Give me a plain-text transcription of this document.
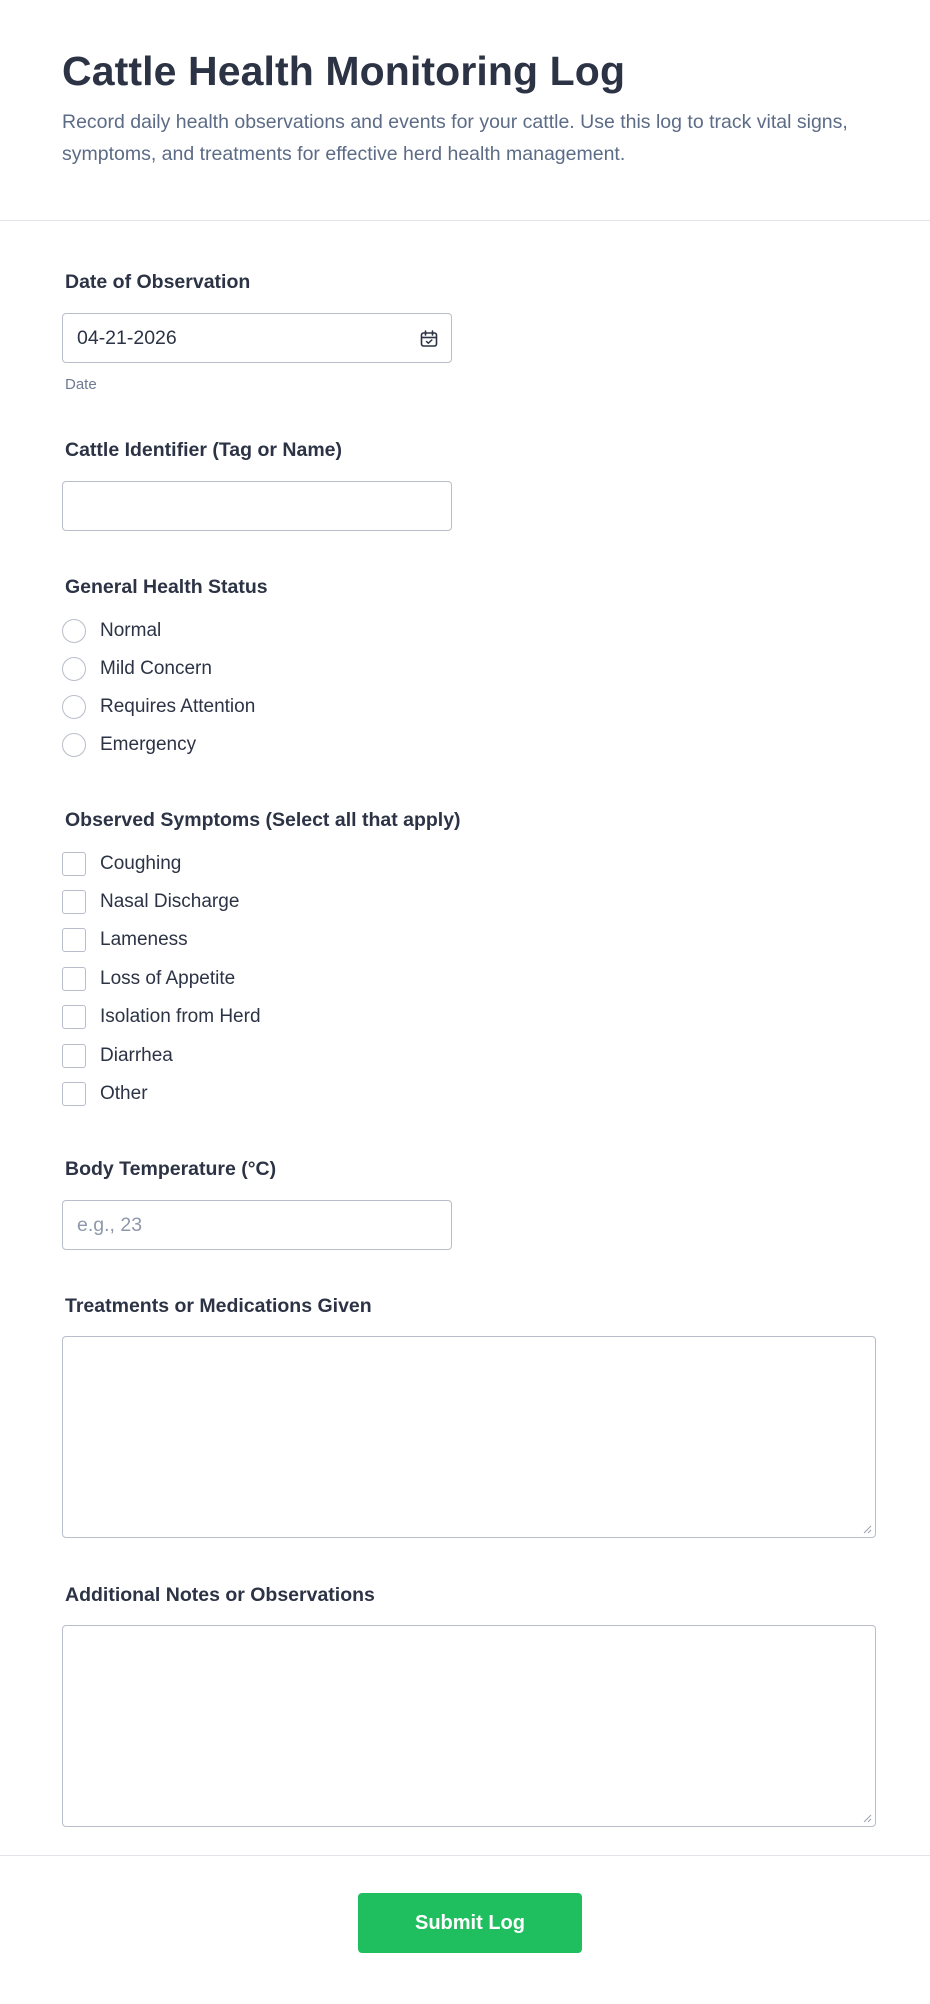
Cattle Health Monitoring Log
Record daily health observations and events for your cattle. Use this log to track vital signs, symptoms, and treatments for effective herd health management.
Date of Observation
04-21-2026
Date
Cattle Identifier (Tag or Name)
General Health Status
Normal
Mild Concern
Requires Attention
Emergency
Observed Symptoms (Select all that apply)
Coughing
Nasal Discharge
Lameness
Loss of Appetite
Isolation from Herd
Diarrhea
Other
Body Temperature (°C)
e.g., 23
Treatments or Medications Given
Additional Notes or Observations
Submit Log
